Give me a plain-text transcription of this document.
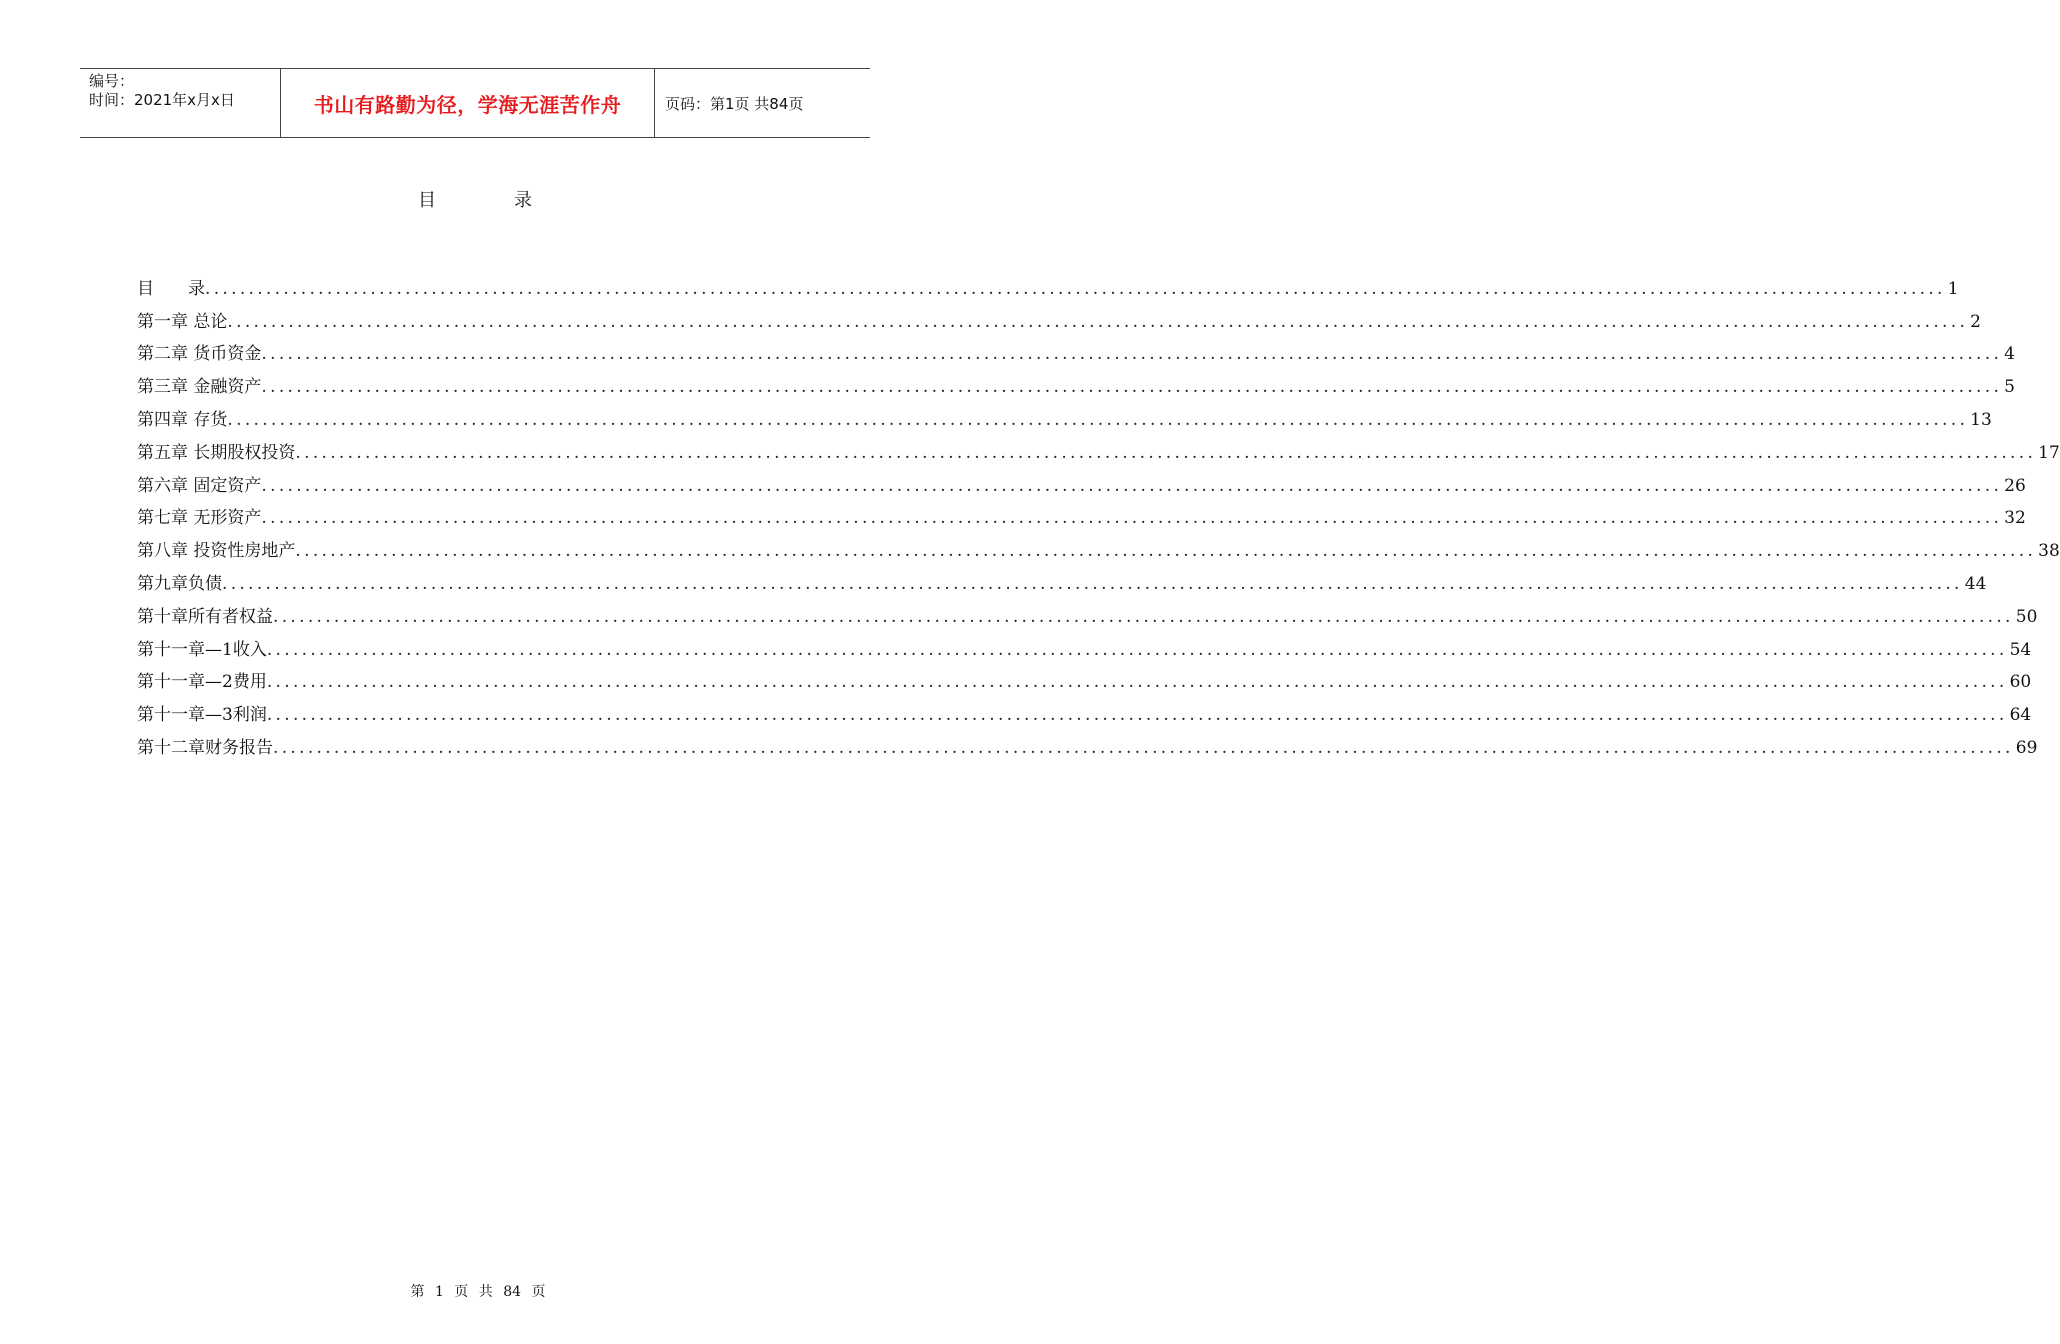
编号：
时间：2021年x月x日	书山有路勤为径，学海无涯苦作舟	页码：第1页 共84页
目　录
目　　录 ........................................................................................................................................................................................................ 1
第一章 总论 ........................................................................................................................................................................................................ 2
第二章 货币资金 ........................................................................................................................................................................................................ 4
第三章 金融资产 ........................................................................................................................................................................................................ 5
第四章 存货 ........................................................................................................................................................................................................ 13
第五章 长期股权投资 ........................................................................................................................................................................................................ 17
第六章 固定资产 ........................................................................................................................................................................................................ 26
第七章 无形资产 ........................................................................................................................................................................................................ 32
第八章 投资性房地产 ........................................................................................................................................................................................................ 38
第九章负债 ........................................................................................................................................................................................................ 44
第十章所有者权益 ........................................................................................................................................................................................................ 50
第十一章—1收入 ........................................................................................................................................................................................................ 54
第十一章—2费用 ........................................................................................................................................................................................................ 60
第十一章—3利润 ........................................................................................................................................................................................................ 64
第十二章财务报告 ........................................................................................................................................................................................................ 69
第 1 页 共 84 页
